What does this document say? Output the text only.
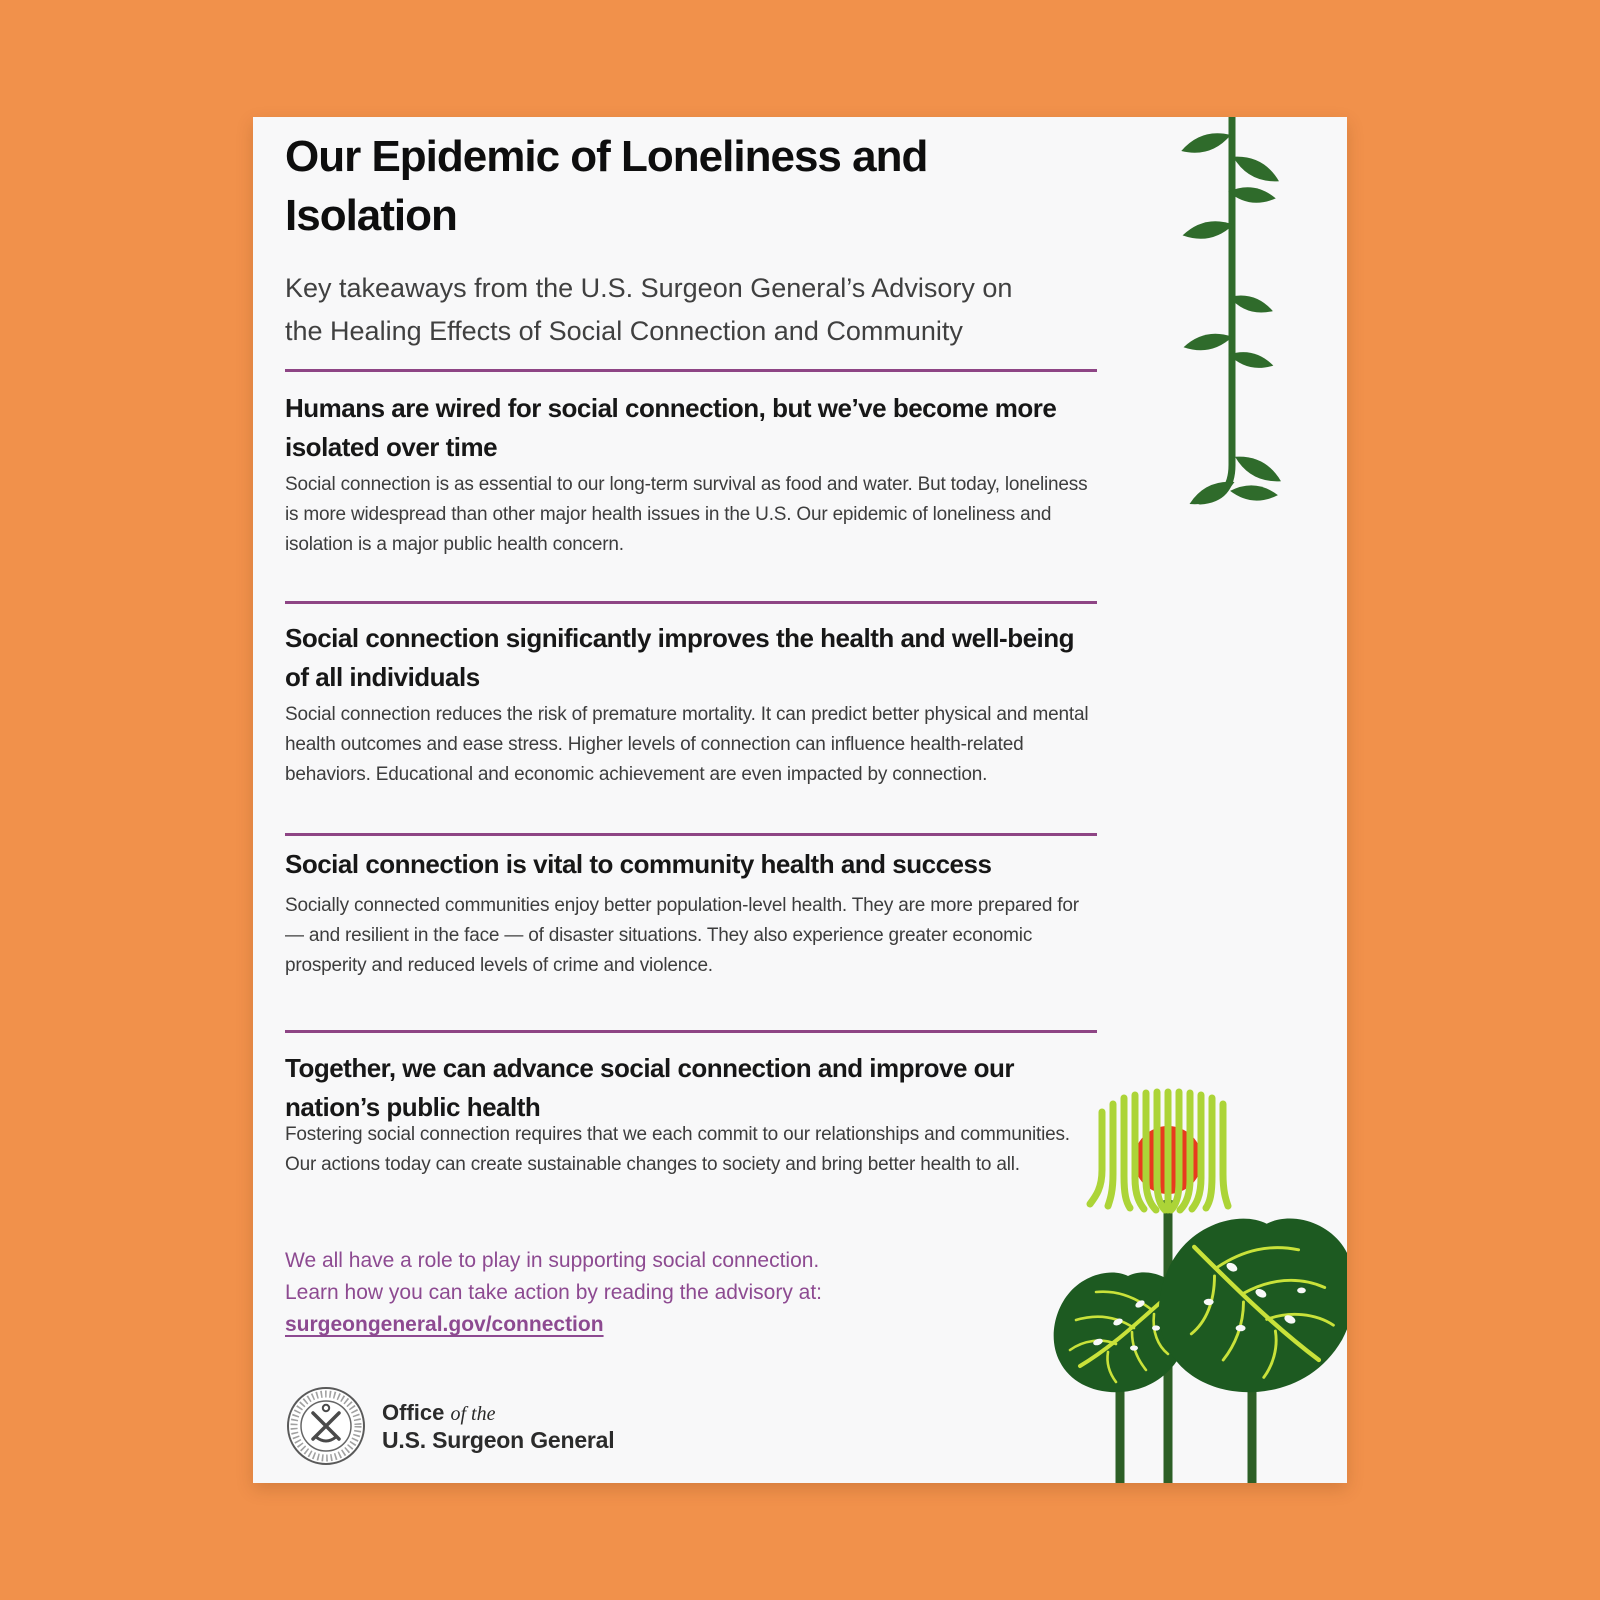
Our Epidemic of Loneliness and Isolation
Key takeaways from the U.S. Surgeon General’s Advisory on the Healing Effects of Social Connection and Community
Humans are wired for social connection, but we’ve become more isolated over time
Social connection is as essential to our long-term survival as food and water. But today, loneliness is more widespread than other major health issues in the U.S. Our epidemic of loneliness and isolation is a major public health concern.
Social connection significantly improves the health and well-being of all individuals
Social connection reduces the risk of premature mortality. It can predict better physical and mental health outcomes and ease stress. Higher levels of connection can influence health-related behaviors. Educational and economic achievement are even impacted by connection.
Social connection is vital to community health and success
Socially connected communities enjoy better population-level health. They are more prepared for — and resilient in the face — of disaster situations. They also experience greater economic prosperity and reduced levels of crime and violence.
Together, we can advance social connection and improve our nation’s public health
Fostering social connection requires that we each commit to our relationships and communities. Our actions today can create sustainable changes to society and bring better health to all.
We all have a role to play in supporting social connection.
Learn how you can take action by reading the advisory at:
surgeongeneral.gov/connection
Office of the
U.S. Surgeon General
